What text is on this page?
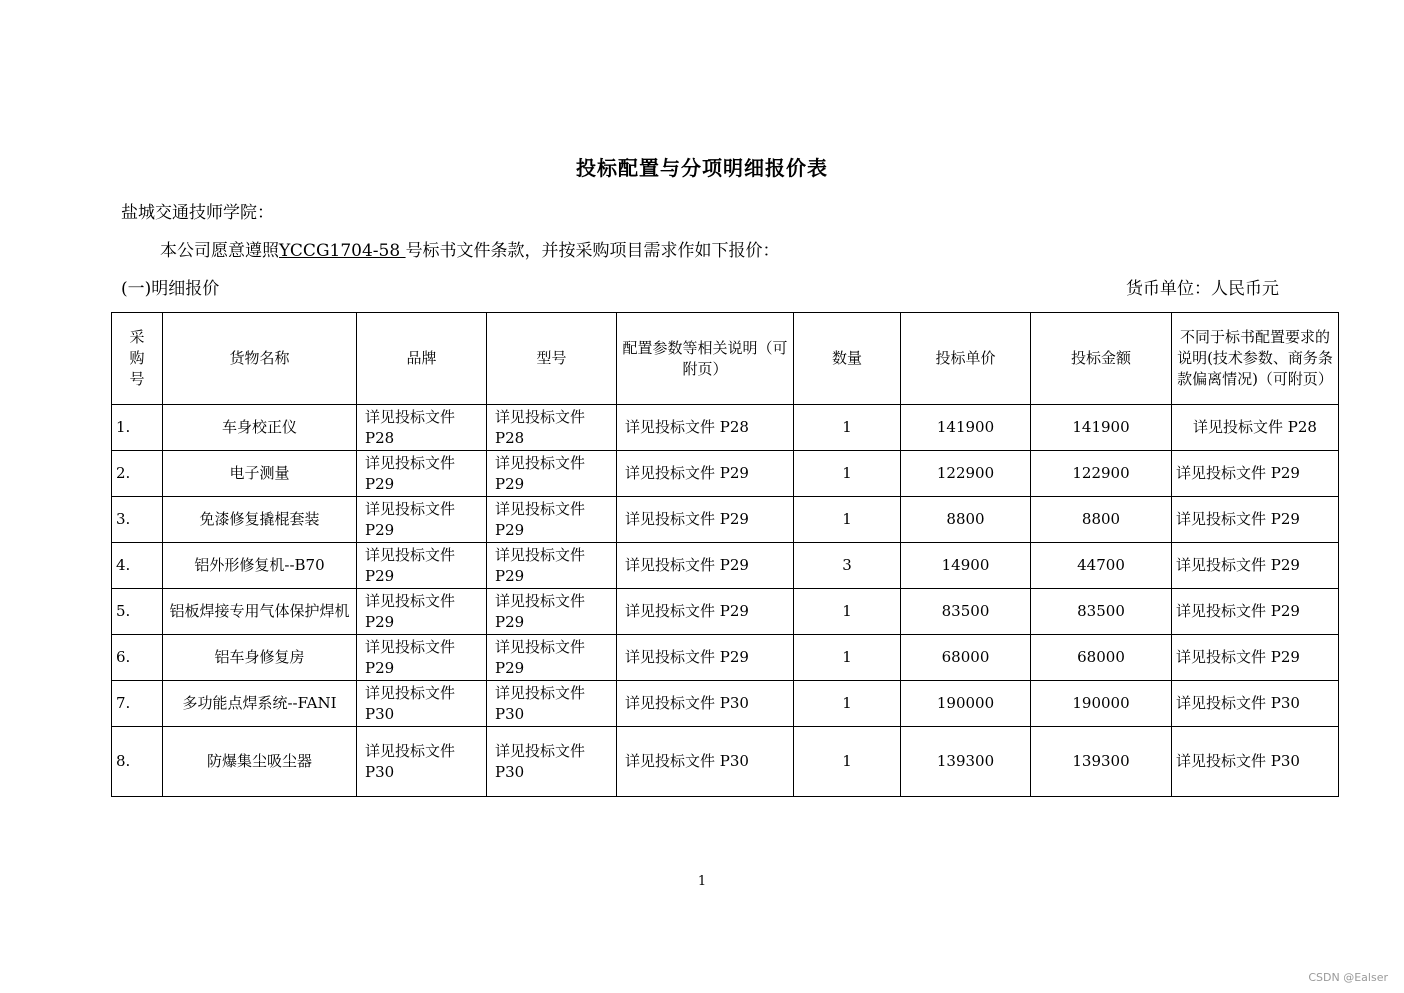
投标配置与分项明细报价表
盐城交通技师学院：
本公司愿意遵照YCCG1704-58 号标书文件条款，并按采购项目需求作如下报价：
(一)明细报价	货币单位：人民币元
采购号	货物名称	品牌	型号	配置参数等相关说明（可附页）	数量	投标单价	投标金额	不同于标书配置要求的说明(技术参数、商务条款偏离情况)（可附页）
1.	车身校正仪	详见投标文件P28	详见投标文件P28	详见投标文件 P28	1	141900	141900	详见投标文件 P28
2.	电子测量	详见投标文件P29	详见投标文件P29	详见投标文件 P29	1	122900	122900	详见投标文件 P29
3.	免漆修复撬棍套装	详见投标文件P29	详见投标文件P29	详见投标文件 P29	1	8800	8800	详见投标文件 P29
4.	铝外形修复机--B70	详见投标文件P29	详见投标文件P29	详见投标文件 P29	3	14900	44700	详见投标文件 P29
5.	铝板焊接专用气体保护焊机	详见投标文件P29	详见投标文件P29	详见投标文件 P29	1	83500	83500	详见投标文件 P29
6.	铝车身修复房	详见投标文件P29	详见投标文件P29	详见投标文件 P29	1	68000	68000	详见投标文件 P29
7.	多功能点焊系统--FANI	详见投标文件P30	详见投标文件P30	详见投标文件 P30	1	190000	190000	详见投标文件 P30
8.	防爆集尘吸尘器	详见投标文件P30	详见投标文件P30	详见投标文件 P30	1	139300	139300	详见投标文件 P30
1
CSDN @Ealser
